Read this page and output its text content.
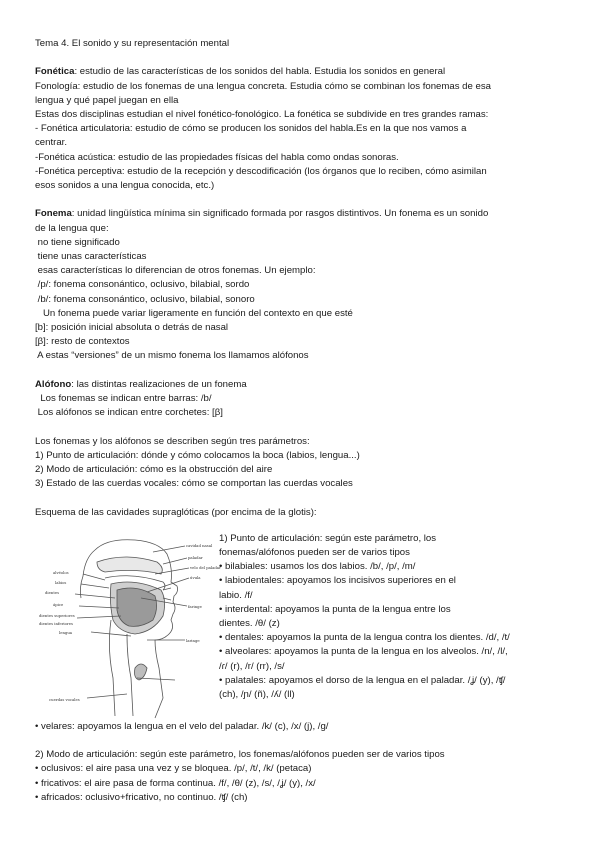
Tema 4. El sonido y su representación mental
Fonética: estudio de las características de los sonidos del habla. Estudia los sonidos en general
Fonología: estudio de los fonemas de una lengua concreta. Estudia cómo se combinan los fonemas de esa
lengua y qué papel juegan en ella
Estas dos disciplinas estudian el nivel fonético-fonológico. La fonética se subdivide en tres grandes ramas:
- Fonética articulatoria: estudio de cómo se producen los sonidos del habla.Es en la que nos vamos a
centrar.
-Fonética acústica: estudio de las propiedades físicas del habla como ondas sonoras.
-Fonética perceptiva: estudio de la recepción y descodificación (los órganos que lo reciben, cómo asimilan
esos sonidos a una lengua conocida, etc.)
Fonema: unidad lingüística mínima sin significado formada por rasgos distintivos. Un fonema es un sonido
de la lengua que:
no tiene significado
tiene unas características
esas características lo diferencian de otros fonemas. Un ejemplo:
/p/: fonema consonántico, oclusivo, bilabial, sordo
/b/: fonema consonántico, oclusivo, bilabial, sonoro
Un fonema puede variar ligeramente en función del contexto en que esté
[b]: posición inicial absoluta o detrás de nasal
[β]: resto de contextos
A estas “versiones” de un mismo fonema los llamamos alófonos
Alófono: las distintas realizaciones de un fonema
Los fonemas se indican entre barras: /b/
Los alófonos se indican entre corchetes: [β]
Los fonemas y los alófonos se describen según tres parámetros:
1) Punto de articulación: dónde y cómo colocamos la boca (labios, lengua...)
2) Modo de articulación: cómo es la obstrucción del aire
3) Estado de las cuerdas vocales: cómo se comportan las cuerdas vocales
Esquema de las cavidades supraglóticas (por encima de la glotis):
cavidad nasal
paladar
velo del paladar
úvula
alvéolos
labios
dientes
ápice
dientes superiores
dientes inferiores
lengua
faringe
laringe
cuerdas vocales
1) Punto de articulación: según este parámetro, los
fonemas/alófonos pueden ser de varios tipos
• bilabiales: usamos los dos labios. /b/, /p/, /m/
• labiodentales: apoyamos los incisivos superiores en el
labio. /f/
• interdental: apoyamos la punta de la lengua entre los
dientes. /θ/ (z)
• dentales: apoyamos la punta de la lengua contra los dientes. /d/, /t/
• alveolares: apoyamos la punta de la lengua en los alveolos. /n/, /l/,
/ɾ/ (r), /r/ (rr), /s/
• palatales: apoyamos el dorso de la lengua en el paladar. /ʝ/ (y), /ʧ/
(ch), /ɲ/ (ñ), /ʎ/ (ll)
• velares: apoyamos la lengua en el velo del paladar. /k/ (c), /x/ (j), /g/
2) Modo de articulación: según este parámetro, los fonemas/alófonos pueden ser de varios tipos
• oclusivos: el aire pasa una vez y se bloquea. /p/, /t/, /k/ (petaca)
• fricativos: el aire pasa de forma continua. /f/, /θ/ (z), /s/, /ʝ/ (y), /x/
• africados: oclusivo+fricativo, no continuo. /ʧ/ (ch)
